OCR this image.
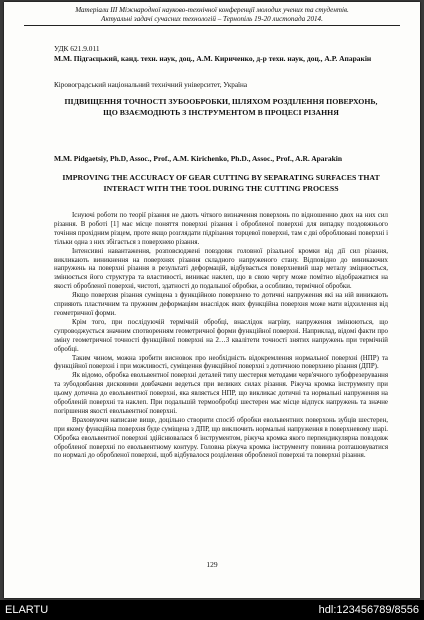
Матеріали ІІІ Міжнародної науково-технічної конференції молодих учених та студентів.
Актуальні задачі сучасних технологій – Тернопіль 19-20 листопада 2014.
УДК 621.9.011
М.М. Підгаєцький, канд. техн. наук, доц., А.М. Кириченко, д-р техн. наук, доц., А.Р. Апаракін
Кіровоградський національний технічний університет, Україна
ПІДВИЩЕННЯ ТОЧНОСТІ ЗУБООБРОБКИ, ШЛЯХОМ РОЗДІЛЕННЯ ПОВЕРХОНЬ, ЩО ВЗАЄМОДІЮТЬ З ІНСТРУМЕНТОМ В ПРОЦЕСІ РІЗАННЯ
M.M. Pidgaetsiy, Ph.D, Assoc., Prof., A.M. Kirichenko, Ph.D., Assoc., Prof., A.R. Aparakin
IMPROVING THE ACCURACY OF GEAR CUTTING BY SEPARATING SURFACES THAT INTERACT WITH THE TOOL DURING THE CUTTING PROCESS

Існуючі роботи по теорії різання не дають чіткого визначення поверхонь по відношенню двох на них сил різання. В роботі [1] має місце поняття поверхні різання і обробленої поверхні для випадку поздовжнього точіння прохідним різцем, проте якщо розглядати підрізання торцевої поверхні, там є дві оброблювані поверхні і тільки одна з них збігається з поверхнею різання.

Інтенсивні навантаження, розповсюджені повздовж головної різальної кромки від дії сил різання, викликають виникнення на поверхнях різання складного напруженого стану. Відповідно до виникаючих напружень на поверхні різання в результаті деформацій, відбувається поверхневий шар металу зміцнюється, змінюється його структура та властивості, виникає наклеп, що в свою чергу може помітно відображатися на якості обробленої поверхні, чистоті, здатності до подальшої обробки, а особливо, термічної обробки.

Якщо поверхня різання суміщена з функційною поверхнею то дотичні напруження які на ній виникають сприяють пластичним та пружним деформаціям внаслідок яких функційна поверхня може мати відхилення від геометричної форми.

Крім того, при послідуючій термічній обробці, внаслідок нагріву, напруження змінюються, що супроводжується значним спотворенням геометричної форми функційної поверхні. Наприклад, відомі факти про зміну геометричної точності функційної поверхні на 2…3 квалітети точності знятих напружень при термічній обробці.

Таким чином, можна зробити висновок про необхідність відокремлення нормальної поверхні (НПР) та функційної поверхні і при можливості, суміщення функційної поверхні з дотичною поверхнею різання (ДПР).

Як відомо, обробка евольвентної поверхні деталей типу шестерня методами черв'ячного зубофрезерування та зубодовбання дисковими довбачами ведеться при великих силах різання. Ріжуча кромка інструменту при цьому дотична до евольвентної поверхні, яка являється НПР, що викликає дотичні та нормальні напруження на обробленій поверхні та наклеп. При подальшій термообробці шестерен має місце відпуск напружень та значне погіршення якості евольвентної поверхні.

Враховуючи написане вище, доцільно створити спосіб обробки евольвентних поверхонь зубців шестерен, при якому функційна поверхня буде суміщена з ДПР, що виключить нормальні напруження в поверхневому шарі. Обробка евольвентної поверхні здійснювалася б інструментом, ріжуча кромка якого перпендикулярна повздовж обробленої поверхні по евольвентному контуру. Головна ріжуча кромка інструменту повинна розташовуватися по нормалі до обробленої поверхні, щоб відбувалося розділення обробленої поверхні та поверхні різання.

129
ELARTU	hdl:123456789/8556
